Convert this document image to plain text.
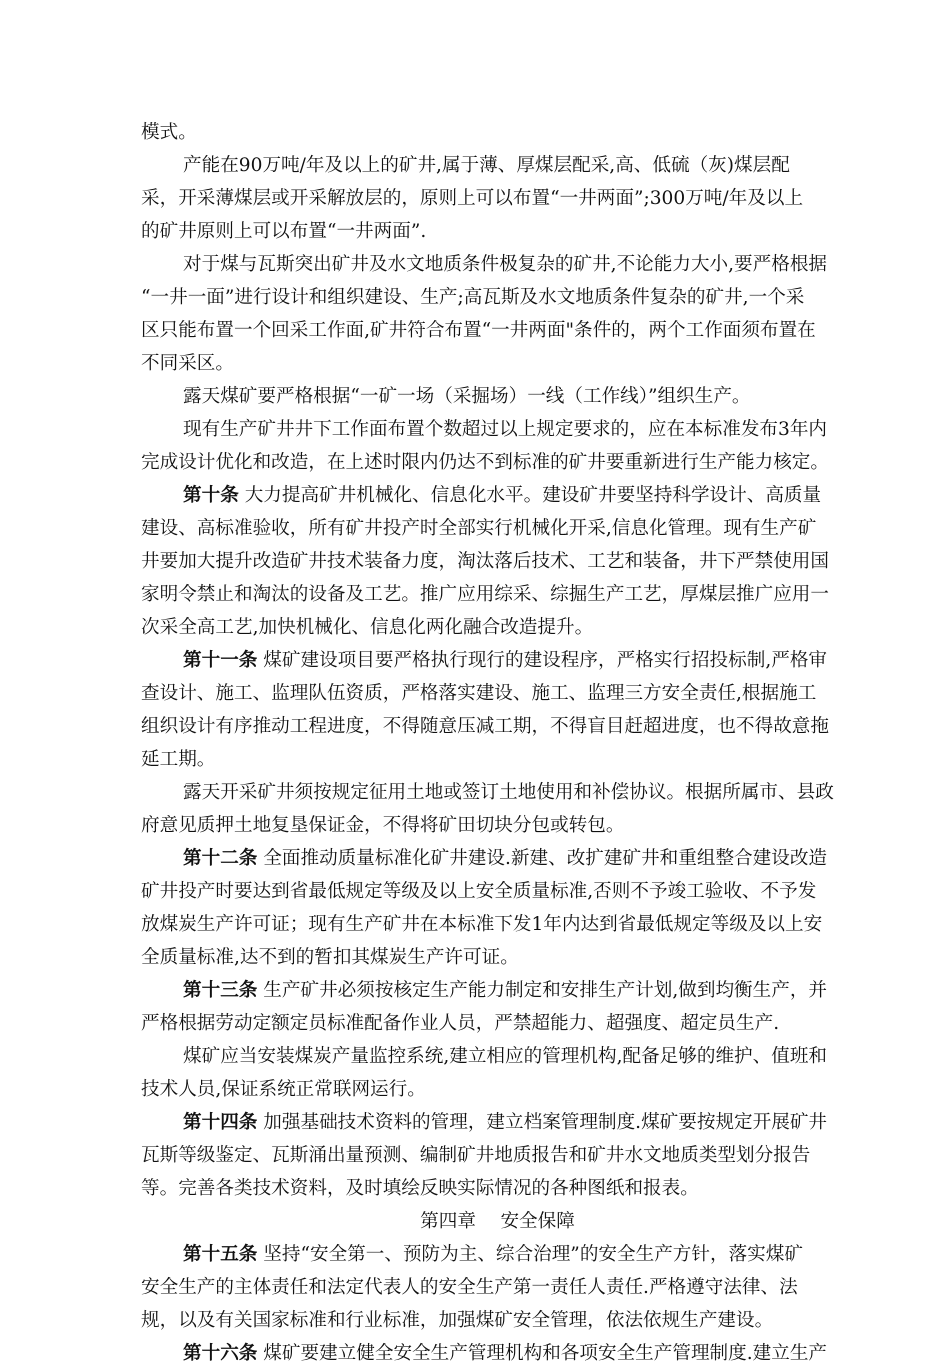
模式。
产能在90万吨/年及以上的矿井,属于薄、厚煤层配采,高、低硫（灰)煤层配
采，开采薄煤层或开采解放层的，原则上可以布置“一井两面”;300万吨/年及以上
的矿井原则上可以布置“一井两面”.
对于煤与瓦斯突出矿井及水文地质条件极复杂的矿井,不论能力大小,要严格根据
“一井一面”进行设计和组织建设、生产;高瓦斯及水文地质条件复杂的矿井,一个采
区只能布置一个回采工作面,矿井符合布置“一井两面"条件的，两个工作面须布置在
不同采区。
露天煤矿要严格根据“一矿一场（采掘场）一线（工作线）”组织生产。
现有生产矿井井下工作面布置个数超过以上规定要求的，应在本标准发布3年内
完成设计优化和改造，在上述时限内仍达不到标准的矿井要重新进行生产能力核定。
第十条 大力提高矿井机械化、信息化水平。建设矿井要坚持科学设计、高质量
建设、高标准验收，所有矿井投产时全部实行机械化开采,信息化管理。现有生产矿
井要加大提升改造矿井技术装备力度，淘汰落后技术、工艺和装备，井下严禁使用国
家明令禁止和淘汰的设备及工艺。推广应用综采、综掘生产工艺，厚煤层推广应用一
次采全高工艺,加快机械化、信息化两化融合改造提升。
第十一条 煤矿建设项目要严格执行现行的建设程序，严格实行招投标制,严格审
查设计、施工、监理队伍资质，严格落实建设、施工、监理三方安全责任,根据施工
组织设计有序推动工程进度，不得随意压减工期，不得盲目赶超进度，也不得故意拖
延工期。
露天开采矿井须按规定征用土地或签订土地使用和补偿协议。根据所属市、县政
府意见质押土地复垦保证金，不得将矿田切块分包或转包。
第十二条 全面推动质量标准化矿井建设.新建、改扩建矿井和重组整合建设改造
矿井投产时要达到省最低规定等级及以上安全质量标准,否则不予竣工验收、不予发
放煤炭生产许可证；现有生产矿井在本标准下发1年内达到省最低规定等级及以上安
全质量标准,达不到的暂扣其煤炭生产许可证。
第十三条 生产矿井必须按核定生产能力制定和安排生产计划,做到均衡生产，并
严格根据劳动定额定员标准配备作业人员，严禁超能力、超强度、超定员生产.
煤矿应当安装煤炭产量监控系统,建立相应的管理机构,配备足够的维护、值班和
技术人员,保证系统正常联网运行。
第十四条 加强基础技术资料的管理，建立档案管理制度.煤矿要按规定开展矿井
瓦斯等级鉴定、瓦斯涌出量预测、编制矿井地质报告和矿井水文地质类型划分报告
等。完善各类技术资料，及时填绘反映实际情况的各种图纸和报表。
第四章　 安全保障
第十五条 坚持“安全第一、预防为主、综合治理”的安全生产方针，落实煤矿
安全生产的主体责任和法定代表人的安全生产第一责任人责任.严格遵守法律、法
规，以及有关国家标准和行业标准，加强煤矿安全管理，依法依规生产建设。
第十六条 煤矿要建立健全安全生产管理机构和各项安全生产管理制度.建立生产
